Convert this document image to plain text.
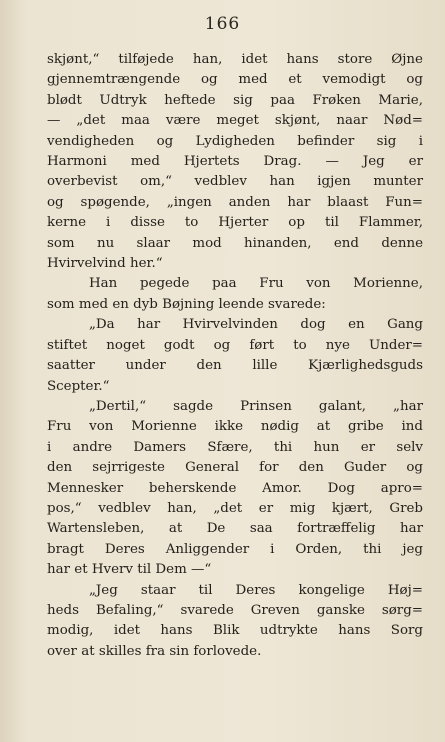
166
skjønt,“ tilføjede han, idet hans store Øjne
gjennemtrængende og med et vemodigt og
blødt Udtryk heftede sig paa Frøken Marie,
— „det maa være meget skjønt, naar Nød=
vendigheden og Lydigheden befinder sig i
Harmoni med Hjertets Drag. — Jeg er
overbevist om,“ vedblev han igjen munter
og spøgende, „ingen anden har blaast Fun=
kerne i disse to Hjerter op til Flammer,
som nu slaar mod hinanden, end denne
Hvirvelvind her.“
Han pegede paa Fru von Morienne,
som med en dyb Bøjning leende svarede:
„Da har Hvirvelvinden dog en Gang
stiftet noget godt og ført to nye Under=
saatter under den lille Kjærlighedsguds
Scepter.“
„Dertil,“ sagde Prinsen galant, „har
Fru von Morienne ikke nødig at gribe ind
i andre Damers Sfære, thi hun er selv
den sejrrigeste General for den Guder og
Mennesker beherskende Amor. Dog apro=
pos,“ vedblev han, „det er mig kjært, Greb
Wartensleben, at De saa fortræffelig har
bragt Deres Anliggender i Orden, thi jeg
har et Hverv til Dem —“
„Jeg staar til Deres kongelige Høj=
heds Befaling,“ svarede Greven ganske sørg=
modig, idet hans Blik udtrykte hans Sorg
over at skilles fra sin forlovede.
